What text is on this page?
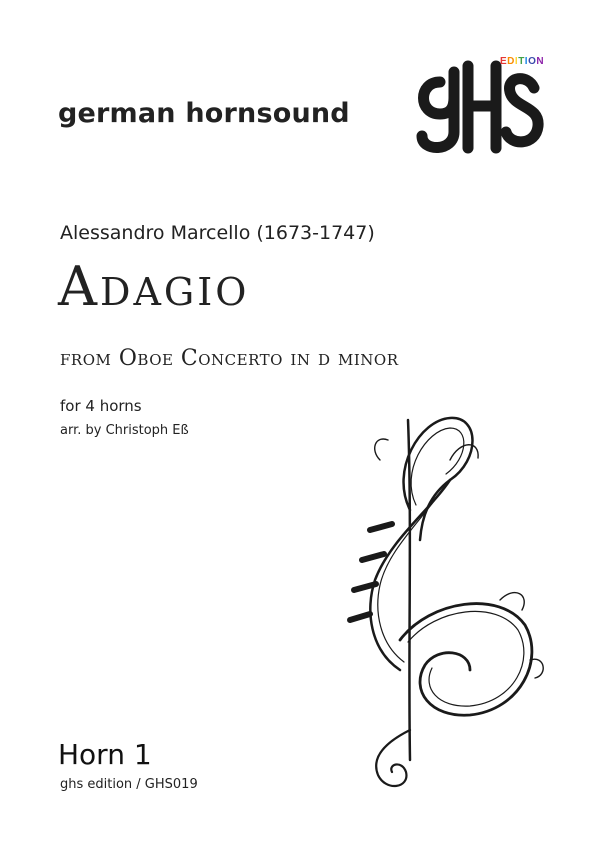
german hornsound
EDITION
Alessandro Marcello (1673-1747)
Adagio
from Oboe Concerto in d minor
for 4 horns
arr. by Christoph Eß
Horn 1
ghs edition / GHS019
